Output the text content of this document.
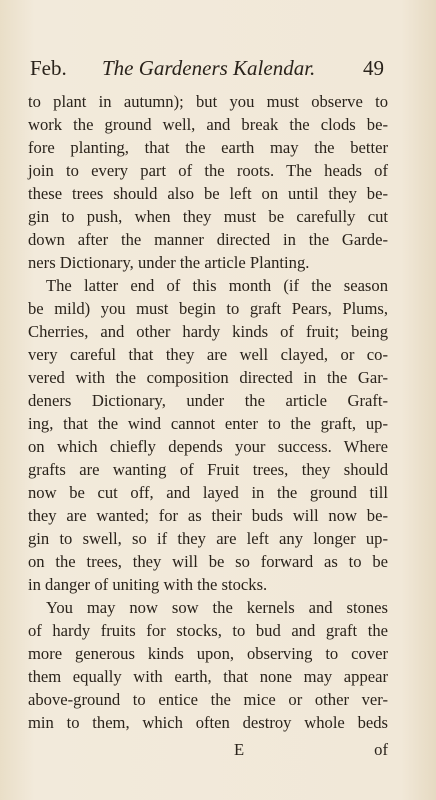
Feb. The Gardeners Kalendar. 49
to plant in autumn); but you must observe to
work the ground well, and break the clods be-
fore planting, that the earth may the better
join to every part of the roots. The heads of
these trees should also be left on until they be-
gin to push, when they must be carefully cut
down after the manner directed in the Garde-
ners Dictionary, under the article Planting.
The latter end of this month (if the season
be mild) you must begin to graft Pears, Plums,
Cherries, and other hardy kinds of fruit; being
very careful that they are well clayed, or co-
vered with the composition directed in the Gar-
deners Dictionary, under the article Graft-
ing, that the wind cannot enter to the graft, up-
on which chiefly depends your success. Where
grafts are wanting of Fruit trees, they should
now be cut off, and layed in the ground till
they are wanted; for as their buds will now be-
gin to swell, so if they are left any longer up-
on the trees, they will be so forward as to be
in danger of uniting with the stocks.
You may now sow the kernels and stones
of hardy fruits for stocks, to bud and graft the
more generous kinds upon, observing to cover
them equally with earth, that none may appear
above-ground to entice the mice or other ver-
min to them, which often destroy whole beds
E	of
